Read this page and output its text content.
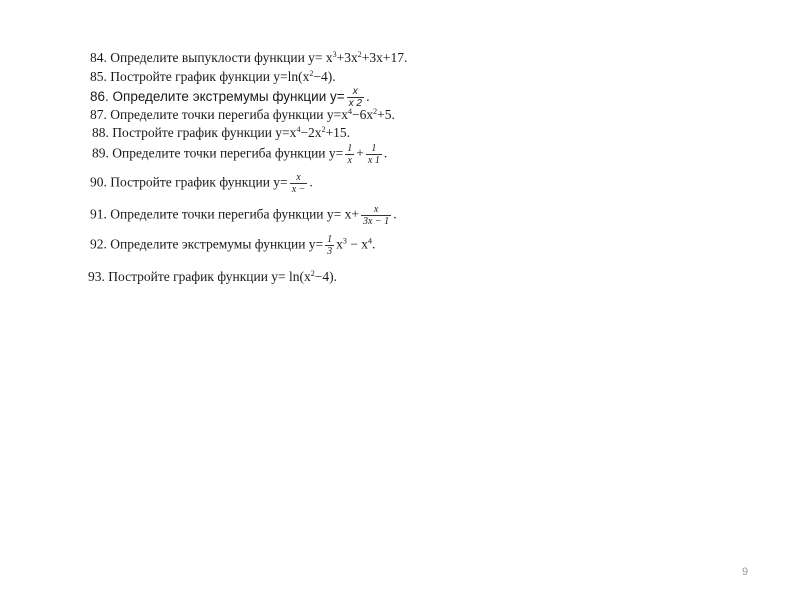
84. Определите выпуклости функции $y= x^3+3x^2+3x+17$.
85. Постройте график функции $y=\ln(x^2-4)$.
86. Определите экстремумы функции $y= \frac{x}{x 2}$ .
87. Определите точки перегиба функции $y=x^4-6x^2+5$.
88. Постройте график функции $y=x^4-2x^2+15$.
89. Определите точки перегиба функции $y= \frac{1}{x} + \frac{1}{x 1}$ .
90. Постройте график функции $y= \frac{x}{x -}$ .
91. Определите точки перегиба функции $y= x+ \frac{x}{3x - 1}$ .
92. Определите экстремумы функции $y= \frac{1}{3} x^3 - x^4$.
93. Постройте график функции $y= \ln(x^2-4)$.
9
